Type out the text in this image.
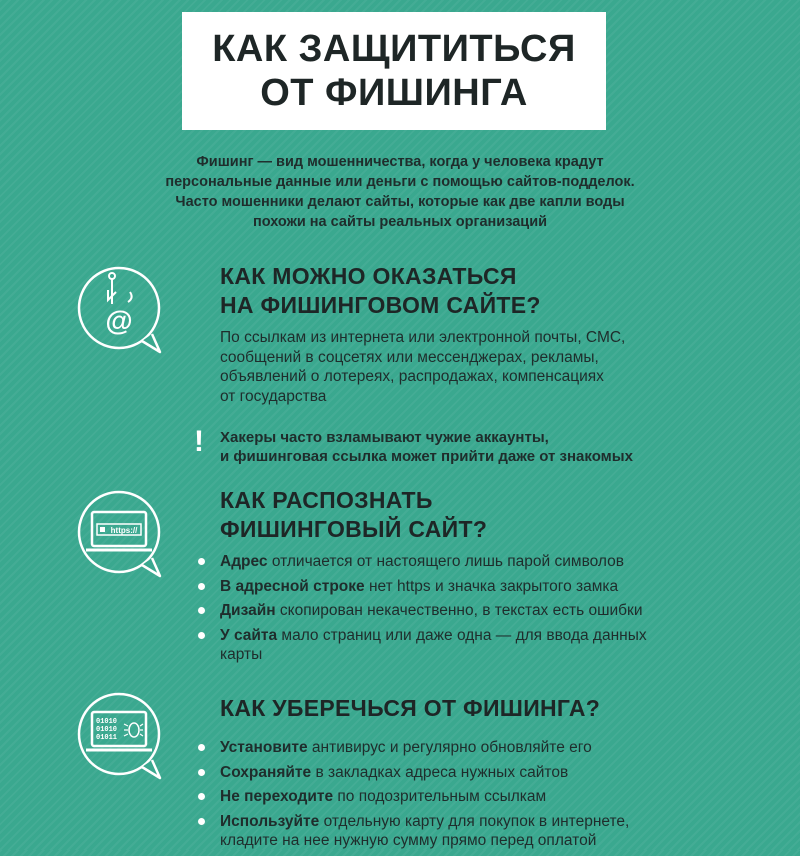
КАК ЗАЩИТИТЬСЯ
ОТ ФИШИНГА
Фишинг — вид мошенничества, когда у человека крадут
персональные данные или деньги с помощью сайтов-подделок.
Часто мошенники делают сайты, которые как две капли воды
похожи на сайты реальных организаций
@
КАК МОЖНО ОКАЗАТЬСЯ
НА ФИШИНГОВОМ САЙТЕ?
По ссылкам из интернета или электронной почты, СМС,
сообщений в соцсетях или мессенджерах, рекламы,
объявлений о лотереях, распродажах, компенсациях
от государства
! Хакеры часто взламывают чужие аккаунты,
и фишинговая ссылка может прийти даже от знакомых
https://
КАК РАСПОЗНАТЬ
ФИШИНГОВЫЙ САЙТ?
Адрес отличается от настоящего лишь парой символов
В адресной строке нет https и значка закрытого замка
Дизайн скопирован некачественно, в текстах есть ошибки
У сайта мало страниц или даже одна — для ввода данных
карты
01010
01010
01011
КАК УБЕРЕЧЬСЯ ОТ ФИШИНГА?
Установите антивирус и регулярно обновляйте его
Сохраняйте в закладках адреса нужных сайтов
Не переходите по подозрительным ссылкам
Используйте отдельную карту для покупок в интернете,
кладите на нее нужную сумму прямо перед оплатой
